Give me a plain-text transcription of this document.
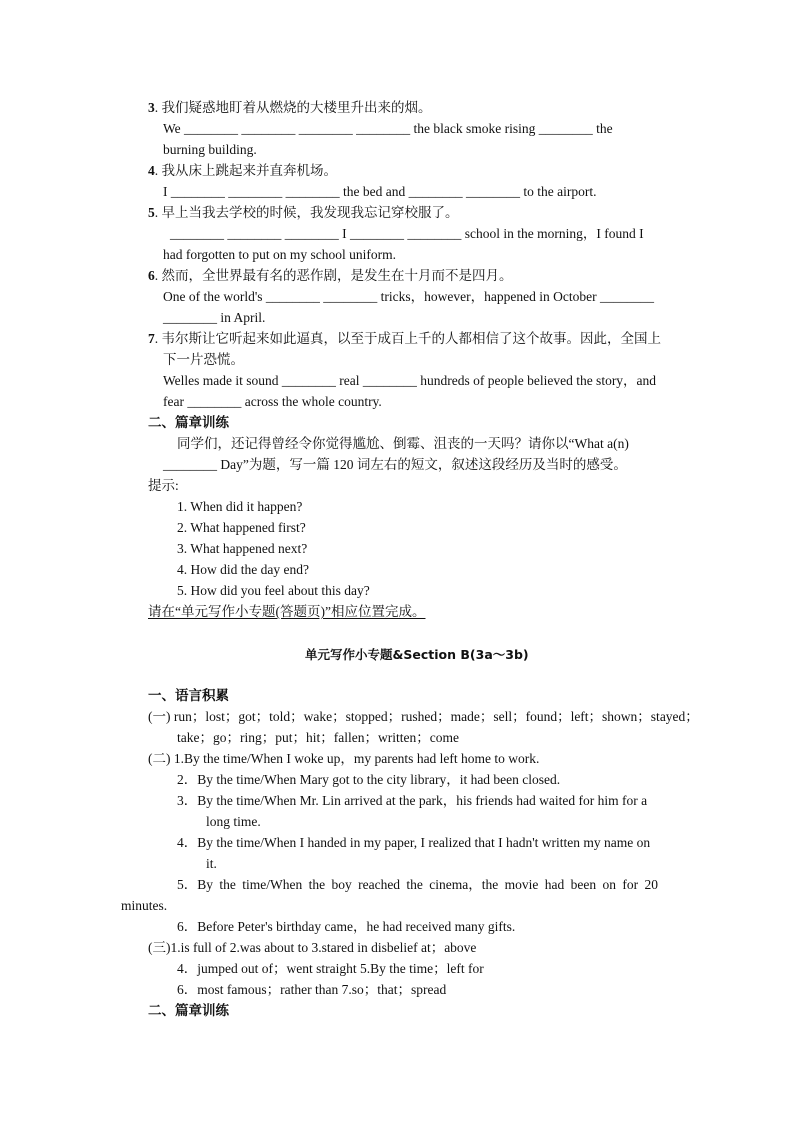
3. 我们疑惑地盯着从燃烧的大楼里升出来的烟。
We ________ ________ ________ ________ the black smoke rising ________ the
burning building.
4. 我从床上跳起来并直奔机场。
I ________ ________ ________ the bed and ________ ________ to the airport.
5. 早上当我去学校的时候，我发现我忘记穿校服了。
________ ________ ________ I ________ ________ school in the morning，I found I
had forgotten to put on my school uniform.
6. 然而，全世界最有名的恶作剧，是发生在十月而不是四月。
One of the world's ________ ________ tricks，however，happened in October ________
________ in April.
7. 韦尔斯让它听起来如此逼真，以至于成百上千的人都相信了这个故事。因此，全国上
下一片恐慌。
Welles made it sound ________ real ________ hundreds of people believed the story，and
fear ________ across the whole country.
二、篇章训练
同学们，还记得曾经令你觉得尴尬、倒霉、沮丧的一天吗？请你以“What a(n)
________ Day”为题，写一篇 120 词左右的短文，叙述这段经历及当时的感受。
提示:
1. When did it happen?
2. What happened first?
3. What happened next?
4. How did the day end?
5. How did you feel about this day?
请在“单元写作小专题(答题页)”相应位置完成。
单元写作小专题&Section B(3a～3b)
一、语言积累
(一) run；lost；got；told；wake；stopped；rushed；made；sell；found；left；shown；stayed；
take；go；ring；put；hit；fallen；written；come
(二) 1.By the time/When I woke up，my parents had left home to work.
2．By the time/When Mary got to the city library，it had been closed.
3．By the time/When Mr. Lin arrived at the park，his friends had waited for him for a
long time.
4．By the time/When I handed in my paper, I realized that I hadn't written my name on
it.
5．By the time/When the boy reached the cinema，the movie had been on for 20
minutes.
6．Before Peter's birthday came，he had received many gifts.
(三)1.is full of 2.was about to 3.stared in disbelief at；above
4．jumped out of；went straight 5.By the time；left for
6．most famous；rather than 7.so；that；spread
二、篇章训练
